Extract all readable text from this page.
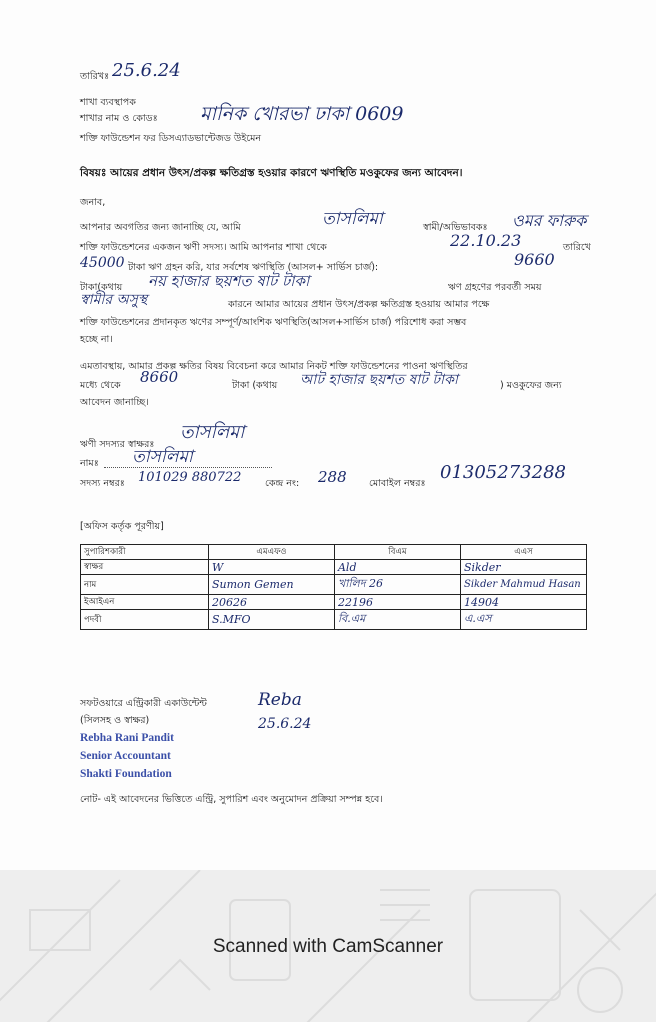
তারিখঃ 25.6.24
শাখা ব্যবস্থাপক
শাখার নাম ও কোডঃ মানিক খোরভা ঢাকা 0609
শক্তি ফাউন্ডেশন ফর ডিসএ্যাডভান্টেজড উইমেন
বিষয়ঃ আয়ের প্রধান উৎস/প্রকল্প ক্ষতিগ্রস্ত হওয়ার কারণে ঋণস্থিতি মওকুফের জন্য আবেদন।
জনাব,
আপনার অবগতির জন্য জানাচ্ছি যে, আমি	তাসলিমা	স্বামী/অভিভাবকঃ ওমর ফারুক
শক্তি ফাউন্ডেশনের একজন ঋণী সদস্য। আমি আপনার শাখা থেকে	22.10.23	তারিখে
45000 টাকা ঋণ গ্রহন করি, যার সর্বশেষ ঋণস্থিতি (আসল+ সার্ভিস চার্জ):	9660
টাকা(কথায় নয় হাজার ছয়শত ষাট টাকা	ঋণ গ্রহণের পরবর্তী সময়
স্বামীর অসুস্থ	কারনে আমার আয়ের প্রধান উৎস/প্রকল্প ক্ষতিগ্রস্ত হওয়ায় আমার পক্ষে
শক্তি ফাউন্ডেশনের প্রদানকৃত ঋণের সম্পূর্ণ/আংশিক ঋণস্থিতি(আসল+সার্ভিস চার্জ) পরিশোধ করা সম্ভব
হচ্ছে না।
এমতাবস্থায়, আমার প্রকল্প ক্ষতির বিষয় বিবেচনা করে আমার নিকট শক্তি ফাউন্ডেশনের পাওনা ঋণস্থিতির
মধ্যে থেকে 8660	টাকা (কথায় আট হাজার ছয়শত ষাট টাকা	) মওকুফের জন্য
আবেদন জানাচ্ছি।
ঋণী সদস্যর স্বাক্ষরঃ
তাসলিমা
নামঃ তাসলিমা
সদস্য নম্বরঃ 101029 880722 কেন্দ্র নং: 288 মোবাইল নম্বরঃ
01305273288
[অফিস কর্তৃক পূরণীয়]
সুপারিশকারী	এমএফও	বিএম	এএস
স্বাক্ষর	W	Ald	Sikder
নাম	Sumon Gemen	খালিদ 26	Sikder Mahmud Hasan
ইআইএন	20626	22196	14904
পদবী	S.MFO	বি.এম	এ.এস
সফটওয়ারে এন্ট্রিকারী একাউন্টেন্ট
(সিলসহ ও স্বাক্ষর)
Reba
25.6.24
Rebha Rani Pandit
Senior Accountant
Shakti Foundation
নোট- এই আবেদনের ভিত্তিতে এন্ট্রি, সুপারিশ এবং অনুমোদন প্রক্রিয়া সম্পন্ন হবে।
Scanned with CamScanner
